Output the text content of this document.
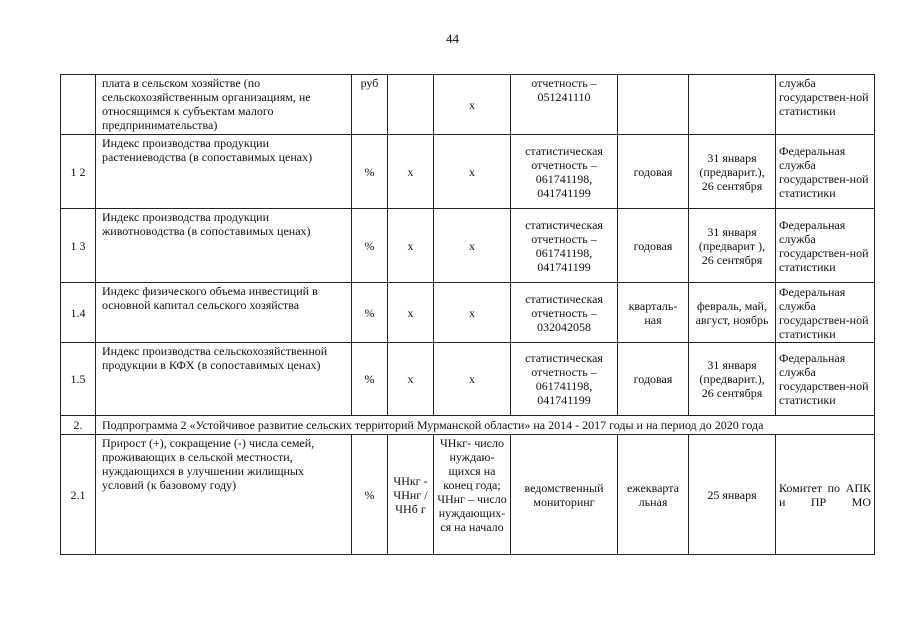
44
	плата в сельском хозяйстве (по сельскохозяйственным организациям, не относящимся к субъектам малого предпринимательства)	руб		х	отчетность – 051241110			служба государствен-ной статистики
1 2	Индекс производства продукции растениеводства (в сопоставимых ценах)	%	х	х	статистическая отчетность – 061741198, 041741199	годовая	31 января (предварит.), 26 сентября	Федеральная служба государствен-ной статистики
1 3	Индекс производства продукции животноводства (в сопоставимых ценах)	%	х	х	статистическая отчетность – 061741198, 041741199	годовая	31 января (предварит ), 26 сентября	Федеральная служба государствен-ной статистики
1.4	Индекс физического объема инвестиций в основной капитал сельского хозяйства	%	х	х	статистическая отчетность – 032042058	кварталь-ная	февраль, май, август, ноябрь	Федеральная служба государствен-ной статистики
1.5	Индекс производства сельскохозяйственной продукции в КФХ (в сопоставимых ценах)	%	х	х	статистическая отчетность – 061741198, 041741199	годовая	31 января (предварит.), 26 сентября	Федеральная служба государствен-ной статистики
2.	Подпрограмма 2 «Устойчивое развитие сельских территорий Мурманской области» на 2014 - 2017 годы и на период до 2020 года							
2.1	Прирост (+), сокращение (-) числа семей, проживающих в сельской местности, нуждающихся в улучшении жилищных условий (к базовому году)	%	ЧНкг - ЧНнг /ЧНб г	ЧНкг- число нуждаю-щихся на конец года; ЧНнг – число нуждающих-ся на начало	ведомственный мониторинг	ежекварта льная	25 января	Комитет по АПК и ПР МО
